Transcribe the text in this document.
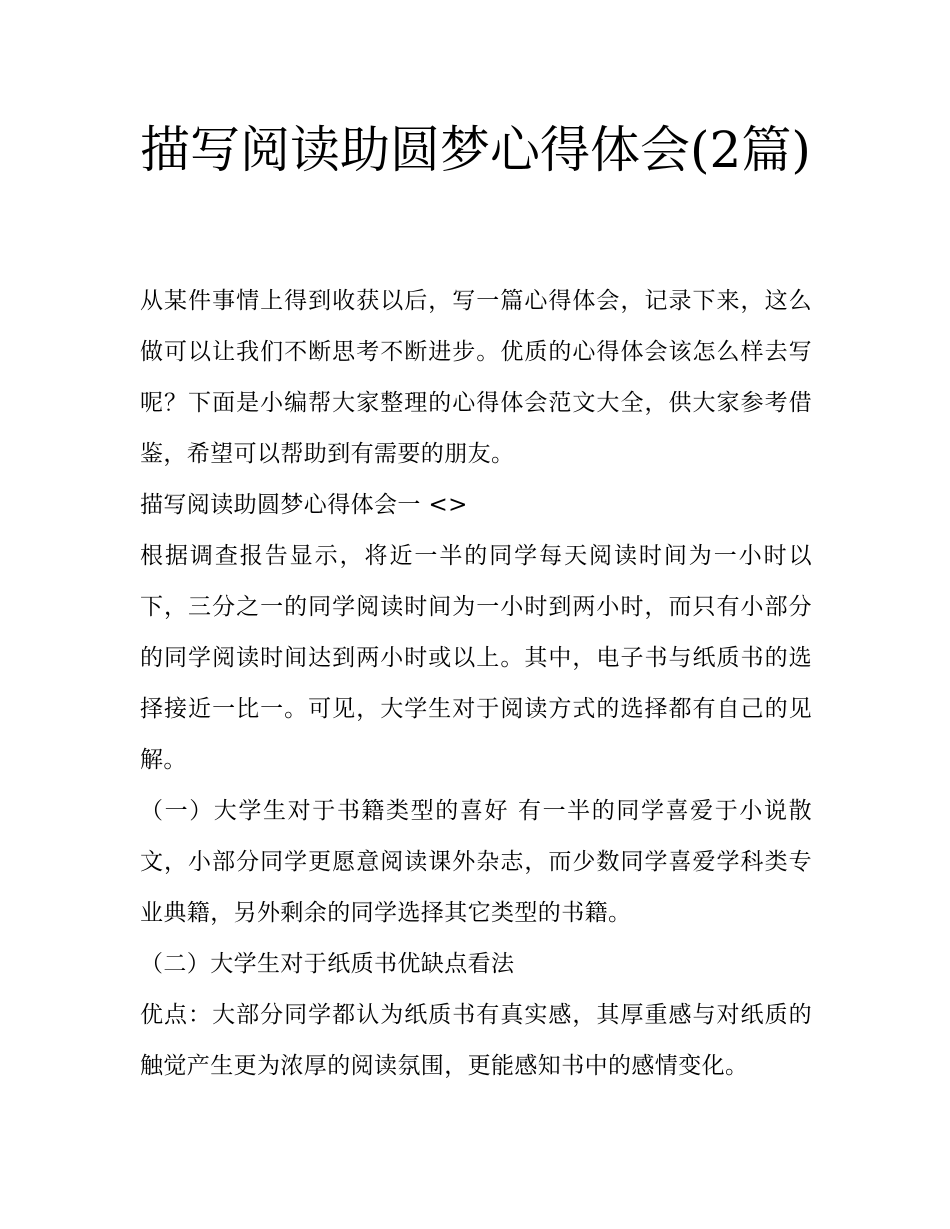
描写阅读助圆梦心得体会(2篇)

从某件事情上得到收获以后，写一篇心得体会，记录下来，这么做可以让我们不断思考不断进步。优质的心得体会该怎么样去写呢？下面是小编帮大家整理的心得体会范文大全，供大家参考借鉴，希望可以帮助到有需要的朋友。

描写阅读助圆梦心得体会一 <>

根据调查报告显示，将近一半的同学每天阅读时间为一小时以下，三分之一的同学阅读时间为一小时到两小时，而只有小部分的同学阅读时间达到两小时或以上。其中，电子书与纸质书的选择接近一比一。可见，大学生对于阅读方式的选择都有自己的见解。

（一）大学生对于书籍类型的喜好 有一半的同学喜爱于小说散文，小部分同学更愿意阅读课外杂志，而少数同学喜爱学科类专业典籍，另外剩余的同学选择其它类型的书籍。

（二）大学生对于纸质书优缺点看法

优点：大部分同学都认为纸质书有真实感，其厚重感与对纸质的触觉产生更为浓厚的阅读氛围，更能感知书中的感情变化。
